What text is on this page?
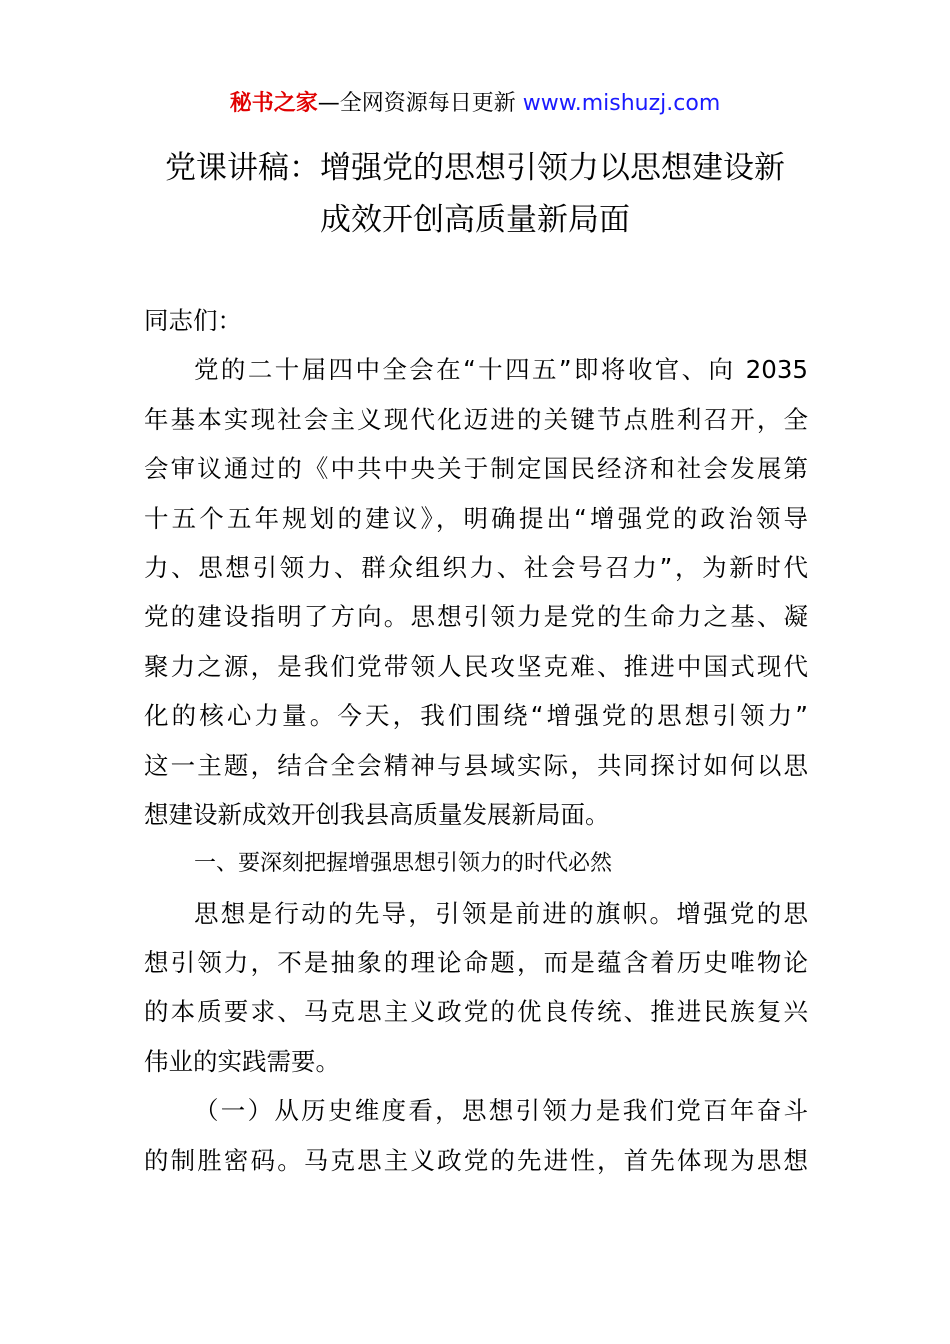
秘书之家—全网资源每日更新 www.mishuzj.com
党课讲稿：增强党的思想引领力以思想建设新
成效开创高质量新局面
同志们：
党的二十届四中全会在“十四五”即将收官、向 2035
年基本实现社会主义现代化迈进的关键节点胜利召开，全
会审议通过的《中共中央关于制定国民经济和社会发展第
十五个五年规划的建议》，明确提出“增强党的政治领导
力、思想引领力、群众组织力、社会号召力”，为新时代
党的建设指明了方向。思想引领力是党的生命力之基、凝
聚力之源，是我们党带领人民攻坚克难、推进中国式现代
化的核心力量。今天，我们围绕“增强党的思想引领力”
这一主题，结合全会精神与县域实际，共同探讨如何以思
想建设新成效开创我县高质量发展新局面。
一、要深刻把握增强思想引领力的时代必然
思想是行动的先导，引领是前进的旗帜。增强党的思
想引领力，不是抽象的理论命题，而是蕴含着历史唯物论
的本质要求、马克思主义政党的优良传统、推进民族复兴
伟业的实践需要。
（一）从历史维度看，思想引领力是我们党百年奋斗
的制胜密码。马克思主义政党的先进性，首先体现为思想
